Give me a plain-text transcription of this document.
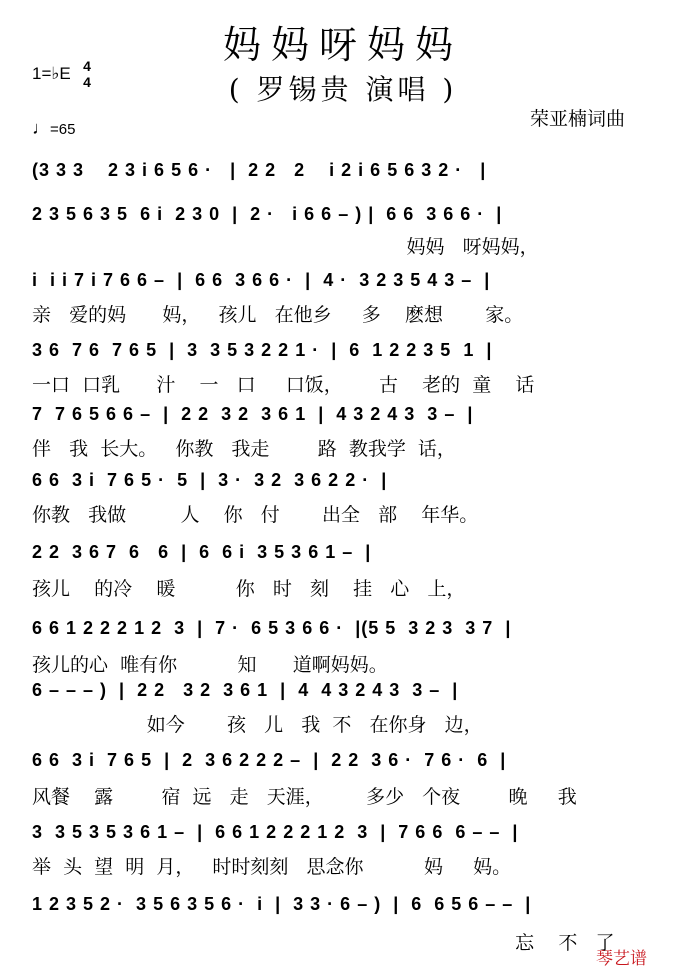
妈妈呀妈妈
( 罗锡贵 演唱 )
1=♭E 4
4
♩=65	荣亚楠词曲
(3 3 3    2 3 i 6 5 6 ·   |  2 2   2    i 2 i 6 5 6 3 2 ·   |
2 3 5 6 3 5  6 i  2 3 0  |  2 ·   i 6 6 – ) |  6 6  3 6 6 ·  |
妈妈   呀妈妈，
i  i i 7 i 7 6 6 –  |  6 6  3 6 6 ·  |  4 ·  3 2 3 5 4 3 –  |
亲   爱的妈      妈，   孩儿   在他乡     多    麽想       家。
3 6  7 6  7 6 5  |  3  3 5 3 2 2 1 ·  |  6  1 2 2 3 5  1  |
一口  口乳      汁    一   口     口饭，      古    老的  童    话
7  7 6 5 6 6 –  |  2 2  3 2  3 6 1  |  4 3 2 4 3  3 –  |
伴   我  长大。   你教   我走        路  教我学  话，
6 6  3 i  7 6 5 ·  5  |  3 ·  3 2  3 6 2 2 ·  |
你教   我做         人    你   付       出全   部    年华。
2 2  3 6 7  6   6  |  6  6 i  3 5 3 6 1 –  |
孩儿    的冷    暖          你   时   刻    挂   心   上，
6 6 1 2 2 2 1 2  3  |  7 ·  6 5 3 6 6 ·  |(5 5  3 2 3  3 7  |
孩儿的心  唯有你          知      道啊妈妈。
6 – – – )  |  2 2   3 2  3 6 1  |  4  4 3 2 4 3  3 –  |
如今       孩   儿   我  不   在你身   边，
6 6  3 i  7 6 5  |  2  3 6 2 2 2 –  |  2 2  3 6 ·  7 6 ·  6  |
风餐    露        宿  远   走   天涯，       多少   个夜        晚     我
3  3 5 3 5 3 6 1 –  |  6 6 1 2 2 2 1 2  3  |  7 6 6  6 – –  |
举  头  望  明  月，   时时刻刻   思念你          妈     妈。
1 2 3 5 2 ·  3 5 6 3 5 6 ·  i  |  3 3 · 6 – )  |  6  6 5 6 – –  |
忘    不   了
琴艺谱
